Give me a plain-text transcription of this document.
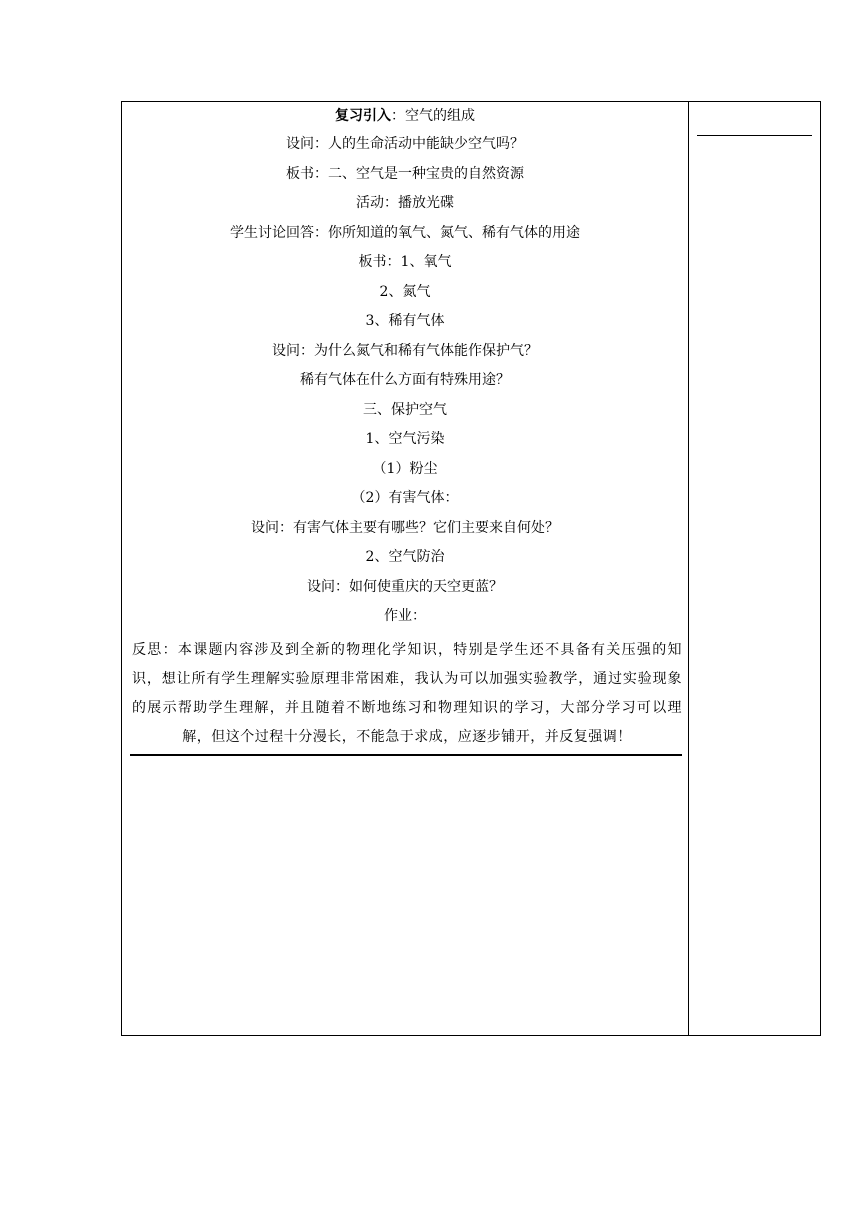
复习引入：空气的组成
设问：人的生命活动中能缺少空气吗？
板书：二、空气是一种宝贵的自然资源
活动：播放光碟
学生讨论回答：你所知道的氧气、氮气、稀有气体的用途
板书：1、氧气
2、氮气
3、稀有气体
设问：为什么氮气和稀有气体能作保护气？
稀有气体在什么方面有特殊用途？
三、保护空气
1、空气污染
（1）粉尘
（2）有害气体：
设问：有害气体主要有哪些？它们主要来自何处？
2、空气防治
设问：如何使重庆的天空更蓝？
作业：
反思：本课题内容涉及到全新的物理化学知识，特别是学生还不具备有关压强的知识，想让所有学生理解实验原理非常困难，我认为可以加强实验教学，通过实验现象的展示帮助学生理解，并且随着不断地练习和物理知识的学习，大部分学习可以理解，但这个过程十分漫长，不能急于求成，应逐步铺开，并反复强调！
